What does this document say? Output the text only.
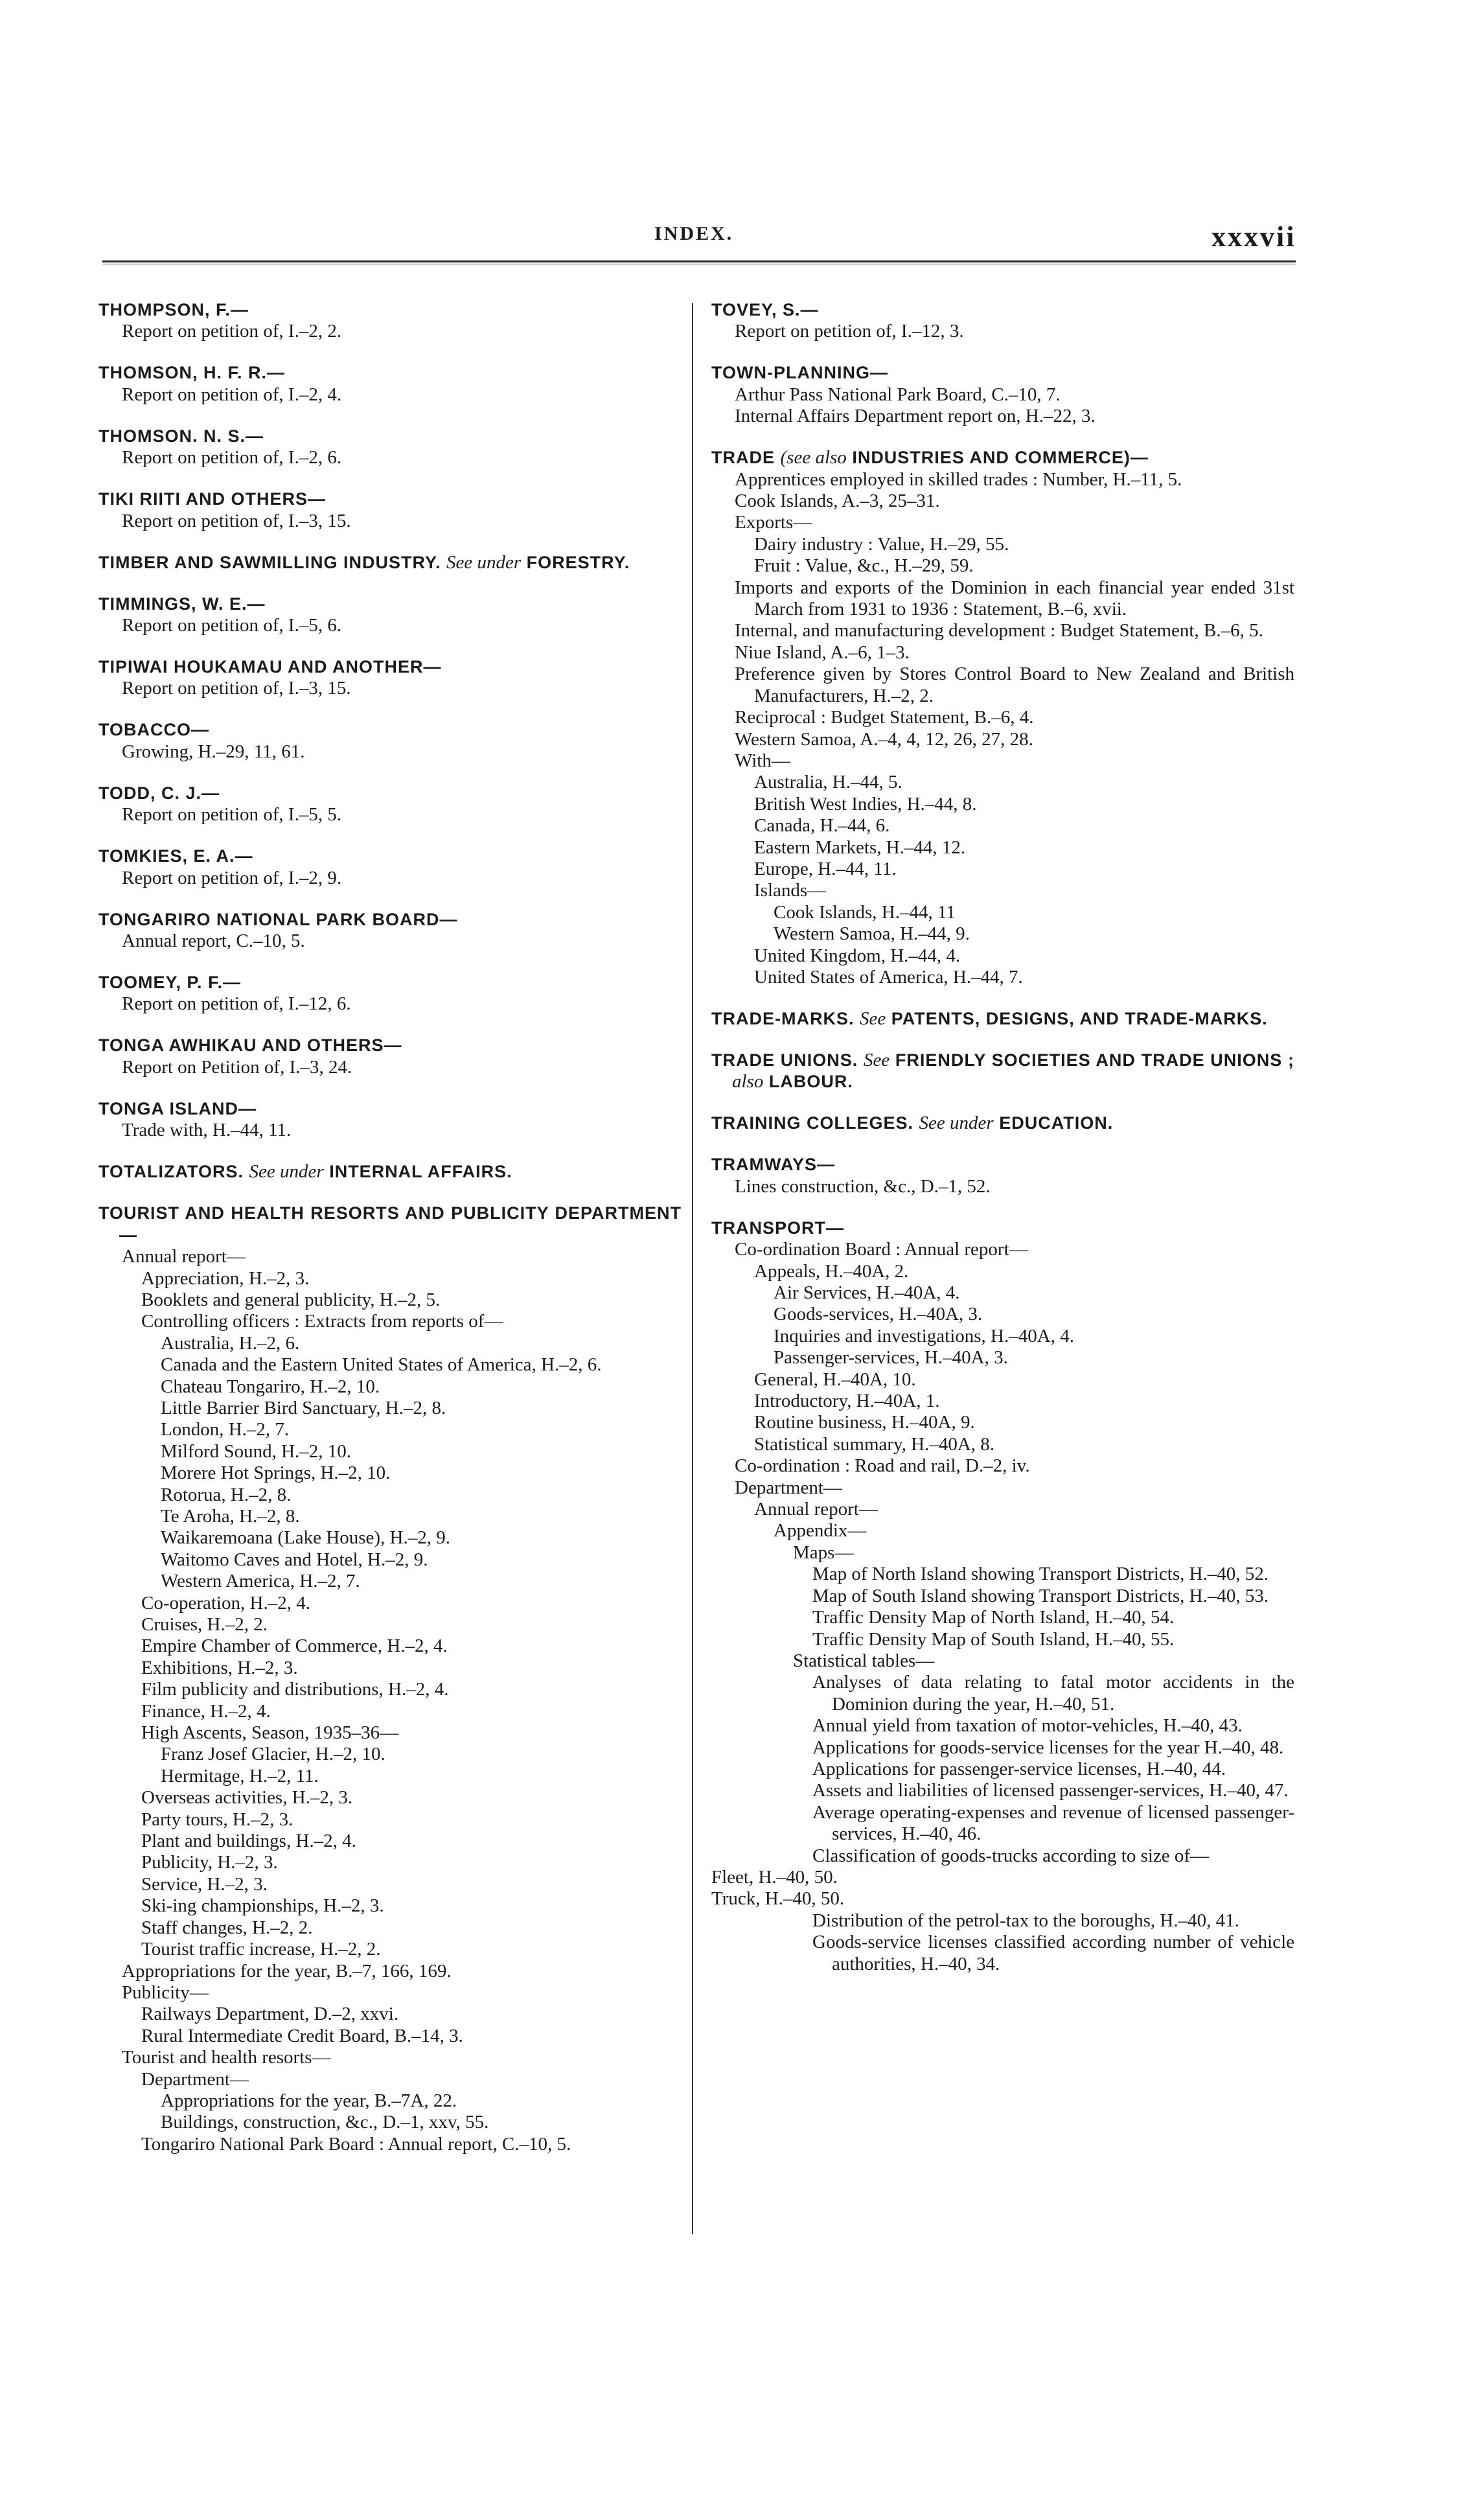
INDEX.	xxxvii
THOMPSON, F.—
Report on petition of, I.–2, 2.
THOMSON, H. F. R.—
Report on petition of, I.–2, 4.
THOMSON. N. S.—
Report on petition of, I.–2, 6.
TIKI RIITI AND OTHERS—
Report on petition of, I.–3, 15.
TIMBER AND SAWMILLING INDUSTRY. See under FORESTRY.
TIMMINGS, W. E.—
Report on petition of, I.–5, 6.
TIPIWAI HOUKAMAU AND ANOTHER—
Report on petition of, I.–3, 15.
TOBACCO—
Growing, H.–29, 11, 61.
TODD, C. J.—
Report on petition of, I.–5, 5.
TOMKIES, E. A.—
Report on petition of, I.–2, 9.
TONGARIRO NATIONAL PARK BOARD—
Annual report, C.–10, 5.
TOOMEY, P. F.—
Report on petition of, I.–12, 6.
TONGA AWHIKAU AND OTHERS—
Report on Petition of, I.–3, 24.
TONGA ISLAND—
Trade with, H.–44, 11.
TOTALIZATORS. See under INTERNAL AFFAIRS.
TOURIST AND HEALTH RESORTS AND PUBLICITY DEPARTMENT—
Annual report—
Appreciation, H.–2, 3.
Booklets and general publicity, H.–2, 5.
Controlling officers : Extracts from reports of—
Australia, H.–2, 6.
Canada and the Eastern United States of America, H.–2, 6.
Chateau Tongariro, H.–2, 10.
Little Barrier Bird Sanctuary, H.–2, 8.
London, H.–2, 7.
Milford Sound, H.–2, 10.
Morere Hot Springs, H.–2, 10.
Rotorua, H.–2, 8.
Te Aroha, H.–2, 8.
Waikaremoana (Lake House), H.–2, 9.
Waitomo Caves and Hotel, H.–2, 9.
Western America, H.–2, 7.
Co-operation, H.–2, 4.
Cruises, H.–2, 2.
Empire Chamber of Commerce, H.–2, 4.
Exhibitions, H.–2, 3.
Film publicity and distributions, H.–2, 4.
Finance, H.–2, 4.
High Ascents, Season, 1935–36—
Franz Josef Glacier, H.–2, 10.
Hermitage, H.–2, 11.
Overseas activities, H.–2, 3.
Party tours, H.–2, 3.
Plant and buildings, H.–2, 4.
Publicity, H.–2, 3.
Service, H.–2, 3.
Ski-ing championships, H.–2, 3.
Staff changes, H.–2, 2.
Tourist traffic increase, H.–2, 2.
Appropriations for the year, B.–7, 166, 169.
Publicity—
Railways Department, D.–2, xxvi.
Rural Intermediate Credit Board, B.–14, 3.
Tourist and health resorts—
Department—
Appropriations for the year, B.–7A, 22.
Buildings, construction, &c., D.–1, xxv, 55.
Tongariro National Park Board : Annual report, C.–10, 5.
TOVEY, S.—
Report on petition of, I.–12, 3.
TOWN-PLANNING—
Arthur Pass National Park Board, C.–10, 7.
Internal Affairs Department report on, H.–22, 3.
TRADE (see also INDUSTRIES AND COMMERCE)—
Apprentices employed in skilled trades : Number, H.–11, 5.
Cook Islands, A.–3, 25–31.
Exports—
Dairy industry : Value, H.–29, 55.
Fruit : Value, &c., H.–29, 59.
Imports and exports of the Dominion in each financial year ended 31st March from 1931 to 1936 : Statement, B.–6, xvii.
Internal, and manufacturing development : Budget Statement, B.–6, 5.
Niue Island, A.–6, 1–3.
Preference given by Stores Control Board to New Zealand and British Manufacturers, H.–2, 2.
Reciprocal : Budget Statement, B.–6, 4.
Western Samoa, A.–4, 4, 12, 26, 27, 28.
With—
Australia, H.–44, 5.
British West Indies, H.–44, 8.
Canada, H.–44, 6.
Eastern Markets, H.–44, 12.
Europe, H.–44, 11.
Islands—
Cook Islands, H.–44, 11
Western Samoa, H.–44, 9.
United Kingdom, H.–44, 4.
United States of America, H.–44, 7.
TRADE-MARKS. See PATENTS, DESIGNS, AND TRADE-MARKS.
TRADE UNIONS. See FRIENDLY SOCIETIES AND TRADE UNIONS ; also LABOUR.
TRAINING COLLEGES. See under EDUCATION.
TRAMWAYS—
Lines construction, &c., D.–1, 52.
TRANSPORT—
Co-ordination Board : Annual report—
Appeals, H.–40A, 2.
Air Services, H.–40A, 4.
Goods-services, H.–40A, 3.
Inquiries and investigations, H.–40A, 4.
Passenger-services, H.–40A, 3.
General, H.–40A, 10.
Introductory, H.–40A, 1.
Routine business, H.–40A, 9.
Statistical summary, H.–40A, 8.
Co-ordination : Road and rail, D.–2, iv.
Department—
Annual report—
Appendix—
Maps—
Map of North Island showing Transport Districts, H.–40, 52.
Map of South Island showing Transport Districts, H.–40, 53.
Traffic Density Map of North Island, H.–40, 54.
Traffic Density Map of South Island, H.–40, 55.
Statistical tables—
Analyses of data relating to fatal motor accidents in the Dominion during the year, H.–40, 51.
Annual yield from taxation of motor-vehicles, H.–40, 43.
Applications for goods-service licenses for the year H.–40, 48.
Applications for passenger-service licenses, H.–40, 44.
Assets and liabilities of licensed passenger-services, H.–40, 47.
Average operating-expenses and revenue of licensed passenger-services, H.–40, 46.
Classification of goods-trucks according to size of—
Fleet, H.–40, 50.
Truck, H.–40, 50.
Distribution of the petrol-tax to the boroughs, H.–40, 41.
Goods-service licenses classified according number of vehicle authorities, H.–40, 34.
